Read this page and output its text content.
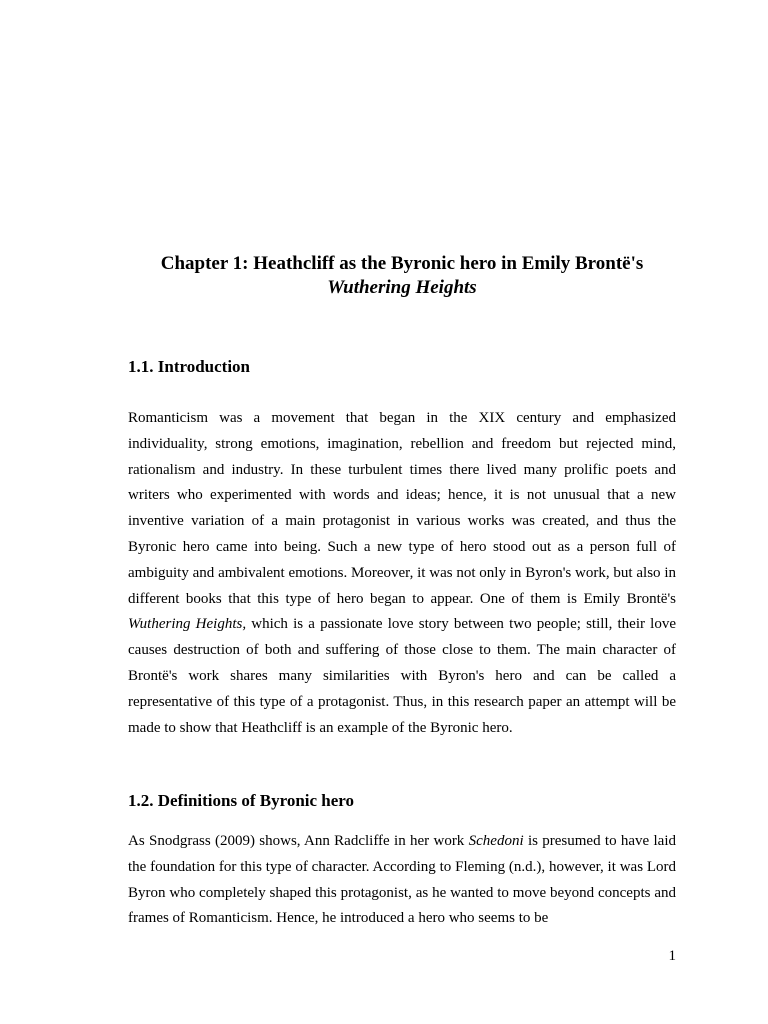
Chapter 1: Heathcliff as the Byronic hero in Emily Brontë's

Wuthering Heights
1.1. Introduction
Romanticism was a movement that began in the XIX century and emphasized individuality, strong emotions, imagination, rebellion and freedom but rejected mind, rationalism and industry. In these turbulent times there lived many prolific poets and writers who experimented with words and ideas; hence, it is not unusual that a new inventive variation of a main protagonist in various works was created, and thus the Byronic hero came into being. Such a new type of hero stood out as a person full of ambiguity and ambivalent emotions. Moreover, it was not only in Byron's work, but also in different books that this type of hero began to appear. One of them is Emily Brontë's Wuthering Heights, which is a passionate love story between two people; still, their love causes destruction of both and suffering of those close to them. The main character of Brontë's work shares many similarities with Byron's hero and can be called a representative of this type of a protagonist. Thus, in this research paper an attempt will be made to show that Heathcliff is an example of the Byronic hero.
1.2. Definitions of Byronic hero
As Snodgrass (2009) shows, Ann Radcliffe in her work Schedoni is presumed to have laid the foundation for this type of character. According to Fleming (n.d.), however, it was Lord Byron who completely shaped this protagonist, as he wanted to move beyond concepts and frames of Romanticism. Hence, he introduced a hero who seems to be
1
